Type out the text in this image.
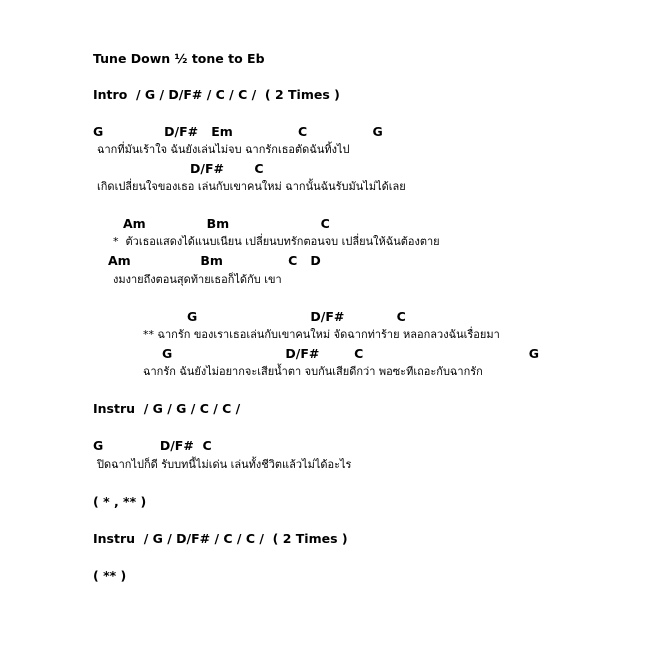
Tune Down ½ tone to Eb
Intro  / G / D/F# / C / C /  ( 2 Times )
G              D/F#   Em               C               G
ฉากที่มันเร้าใจ ฉันยังเล่นไม่จบ ฉากรักเธอตัดฉันทิ้งไป
D/F#       C
เกิดเปลี่ยนใจของเธอ เล่นกับเขาคนใหม่ ฉากนั้นฉันรับมันไม่ได้เลย
Am              Bm                     C
*  ตัวเธอแสดงได้แนบเนียน เปลี่ยนบทรักตอนจบ เปลี่ยนให้ฉันต้องตาย
Am                Bm               C   D
งมงายถึงตอนสุดท้ายเธอก็ได้กับ เขา
G                          D/F#            C
** ฉากรัก ของเราเธอเล่นกับเขาคนใหม่ จัดฉากท่าร้าย หลอกลวงฉันเรื่อยมา
G                          D/F#        C                                      G
ฉากรัก ฉันยังไม่อยากจะเสียน้ำตา จบกันเสียดีกว่า พอซะทีเถอะกับฉากรัก
Instru  / G / G / C / C /
G             D/F#  C
ปิดฉากไปก็ดี รับบทนี้ไม่เด่น เล่นทั้งชีวิตแล้วไม่ได้อะไร
( * , ** )
Instru  / G / D/F# / C / C /  ( 2 Times )
( ** )
